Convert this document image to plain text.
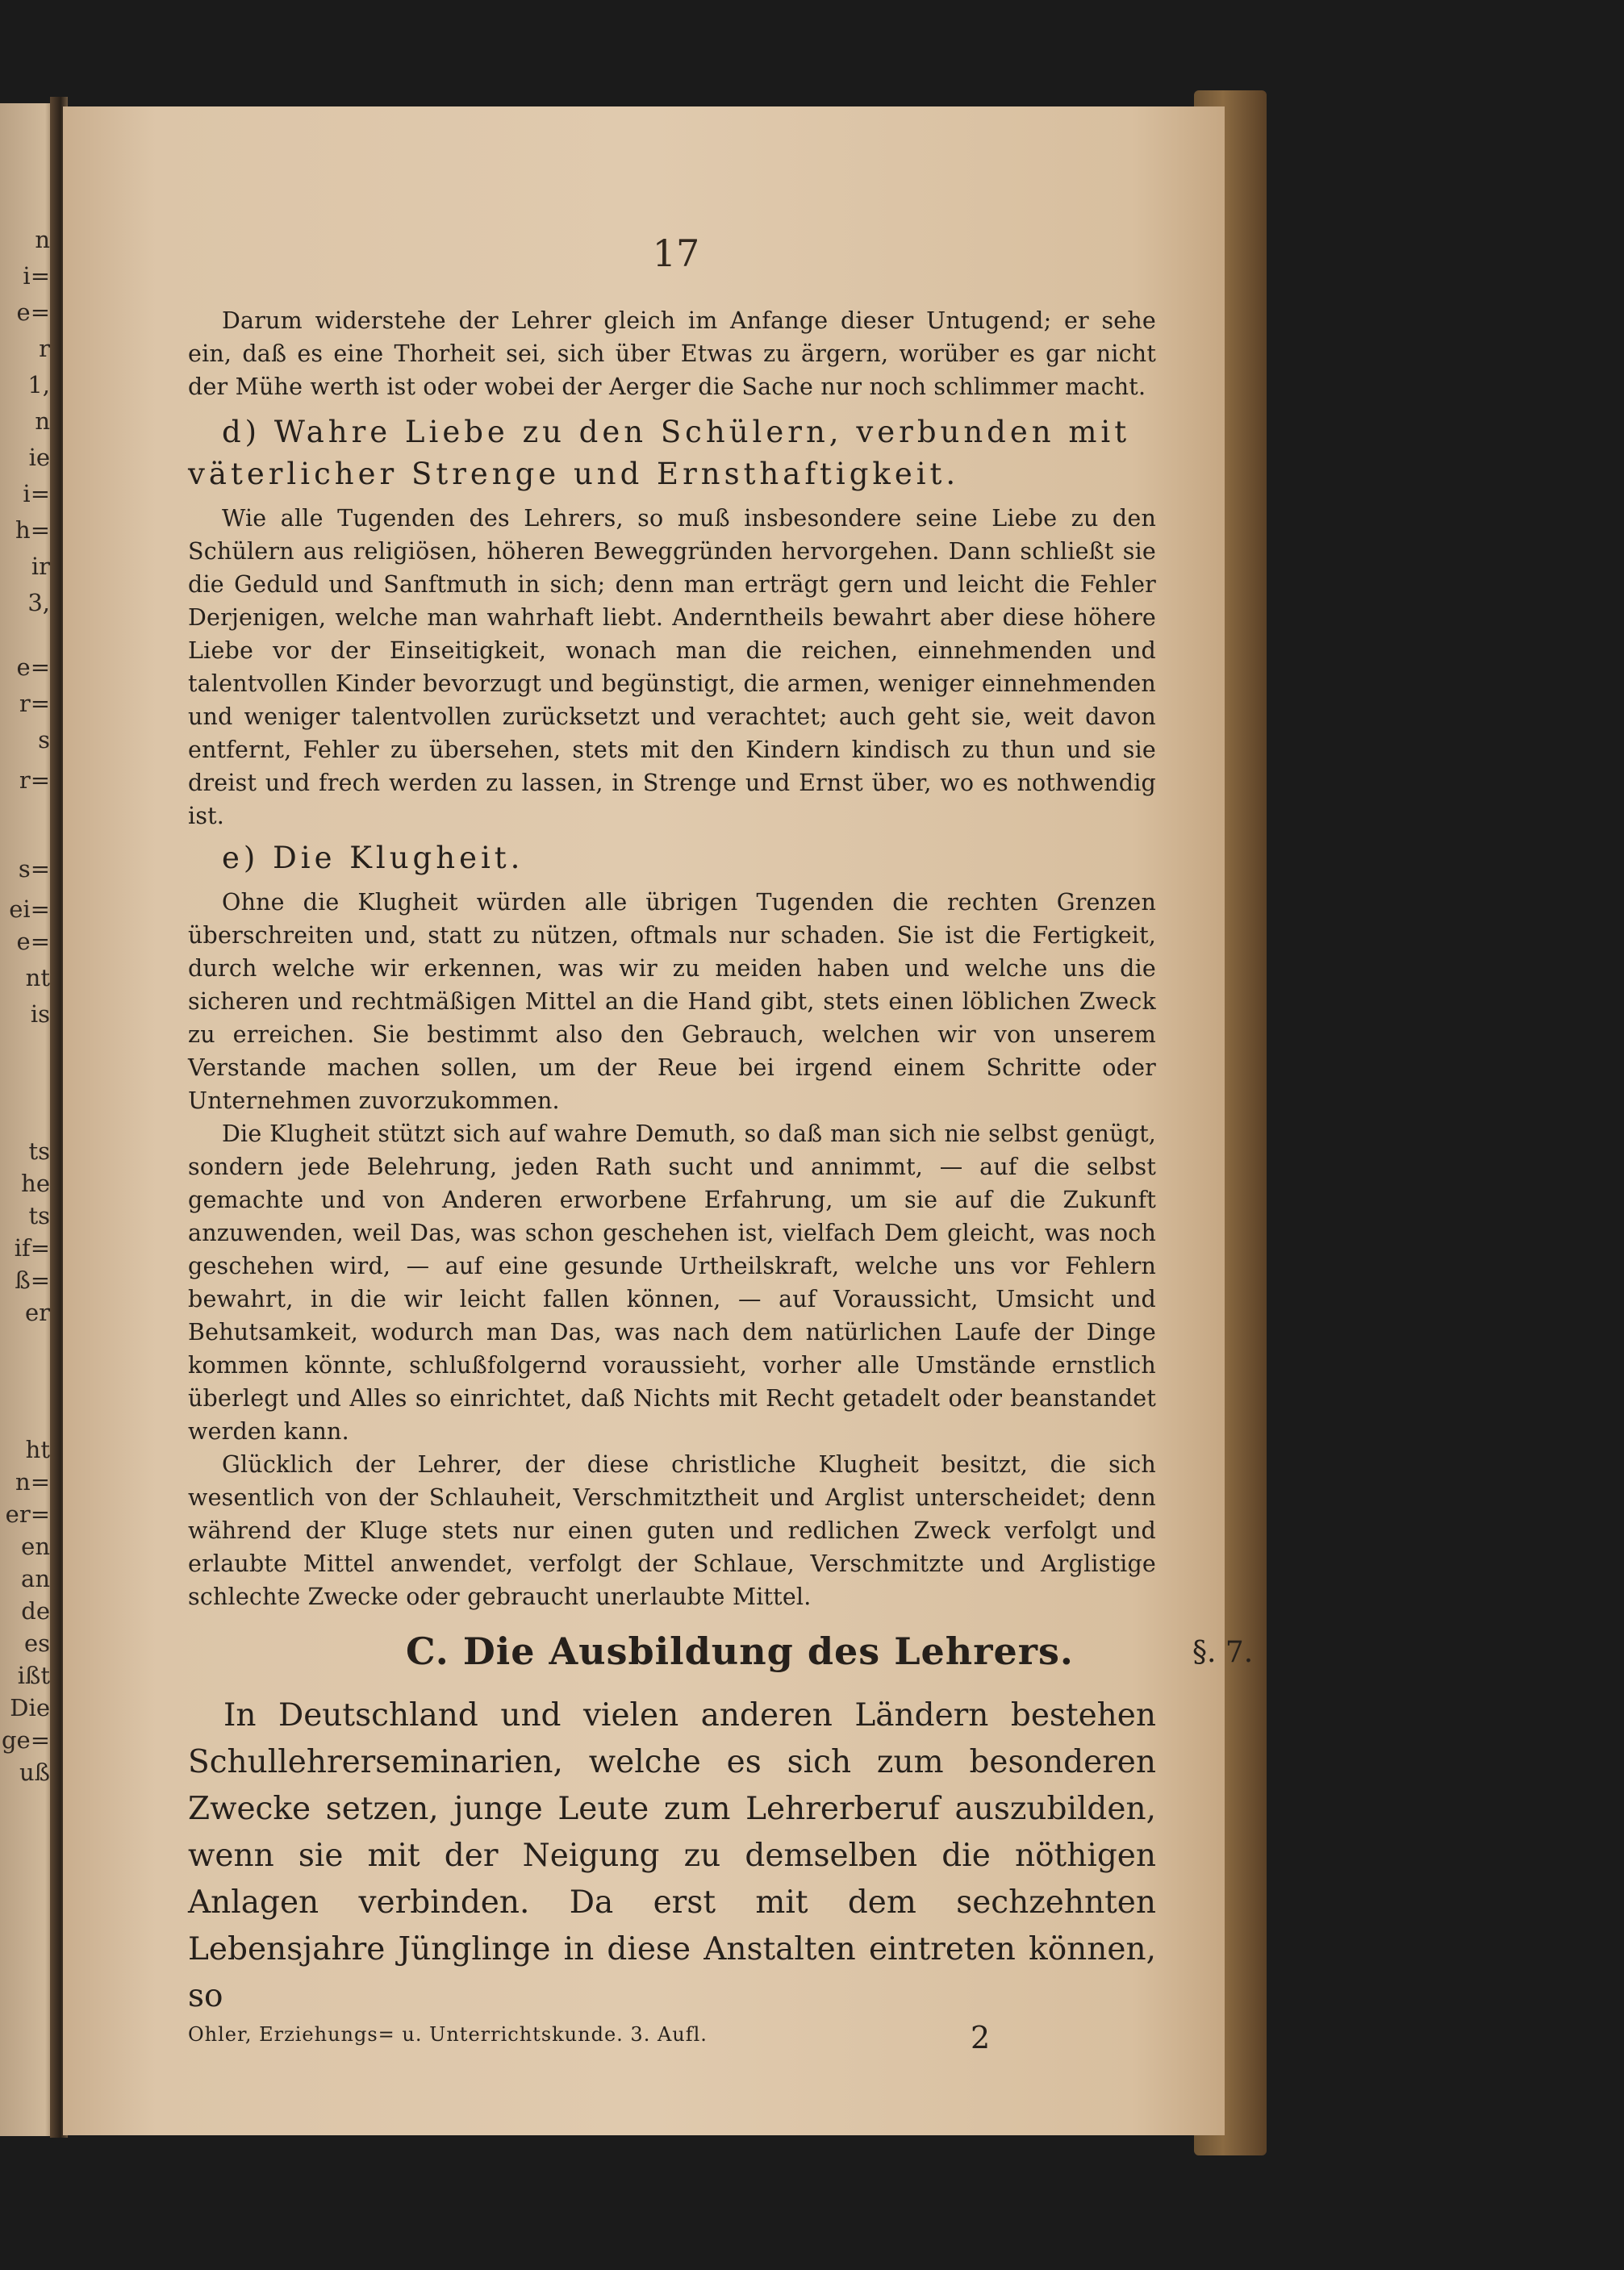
n
i=
e=
r
1,
n
ie
i=
h=
ir
3,
e=
r=
s
r=
s=
ei=
e=
nt
is
ts
he
ts
if=
ß=
er
ht
n=
er=
en
an
de
es
ißt
Die
ge=
uß
17

Darum widerstehe der Lehrer gleich im Anfange dieser Untugend; er sehe ein, daß es eine Thorheit sei, sich über Etwas zu ärgern, worüber es gar nicht der Mühe werth ist oder wobei der Aerger die Sache nur noch schlimmer macht.

d) Wahre Liebe zu den Schülern, verbunden mit väterlicher Strenge und Ernsthaftigkeit.

Wie alle Tugenden des Lehrers, so muß insbesondere seine Liebe zu den Schülern aus religiösen, höheren Beweggründen hervorgehen. Dann schließt sie die Geduld und Sanftmuth in sich; denn man erträgt gern und leicht die Fehler Derjenigen, welche man wahrhaft liebt. Anderntheils bewahrt aber diese höhere Liebe vor der Einseitigkeit, wonach man die reichen, einnehmenden und talentvollen Kinder bevorzugt und begünstigt, die armen, weniger einnehmenden und weniger talentvollen zurücksetzt und verachtet; auch geht sie, weit davon entfernt, Fehler zu übersehen, stets mit den Kindern kindisch zu thun und sie dreist und frech werden zu lassen, in Strenge und Ernst über, wo es nothwendig ist.

e) Die Klugheit.

Ohne die Klugheit würden alle übrigen Tugenden die rechten Grenzen überschreiten und, statt zu nützen, oftmals nur schaden. Sie ist die Fertigkeit, durch welche wir erkennen, was wir zu meiden haben und welche uns die sicheren und rechtmäßigen Mittel an die Hand gibt, stets einen löblichen Zweck zu erreichen. Sie bestimmt also den Gebrauch, welchen wir von unserem Verstande machen sollen, um der Reue bei irgend einem Schritte oder Unternehmen zuvorzukommen.

Die Klugheit stützt sich auf wahre Demuth, so daß man sich nie selbst genügt, sondern jede Belehrung, jeden Rath sucht und annimmt, — auf die selbst gemachte und von Anderen erworbene Erfahrung, um sie auf die Zukunft anzuwenden, weil Das, was schon geschehen ist, vielfach Dem gleicht, was noch geschehen wird, — auf eine gesunde Urtheilskraft, welche uns vor Fehlern bewahrt, in die wir leicht fallen können, — auf Voraussicht, Umsicht und Behutsamkeit, wodurch man Das, was nach dem natürlichen Laufe der Dinge kommen könnte, schlußfolgernd voraussieht, vorher alle Umstände ernstlich überlegt und Alles so einrichtet, daß Nichts mit Recht getadelt oder beanstandet werden kann.

Glücklich der Lehrer, der diese christliche Klugheit besitzt, die sich wesentlich von der Schlauheit, Verschmitztheit und Arglist unterscheidet; denn während der Kluge stets nur einen guten und redlichen Zweck verfolgt und erlaubte Mittel anwendet, verfolgt der Schlaue, Verschmitzte und Arglistige schlechte Zwecke oder gebraucht unerlaubte Mittel.

C. Die Ausbildung des Lehrers.	§. 7.

In Deutschland und vielen anderen Ländern bestehen Schullehrerseminarien, welche es sich zum besonderen Zwecke setzen, junge Leute zum Lehrerberuf auszubilden, wenn sie mit der Neigung zu demselben die nöthigen Anlagen verbinden. Da erst mit dem sechzehnten Lebensjahre Jünglinge in diese Anstalten eintreten können, so

Ohler, Erziehungs= u. Unterrichtskunde. 3. Aufl.	2
